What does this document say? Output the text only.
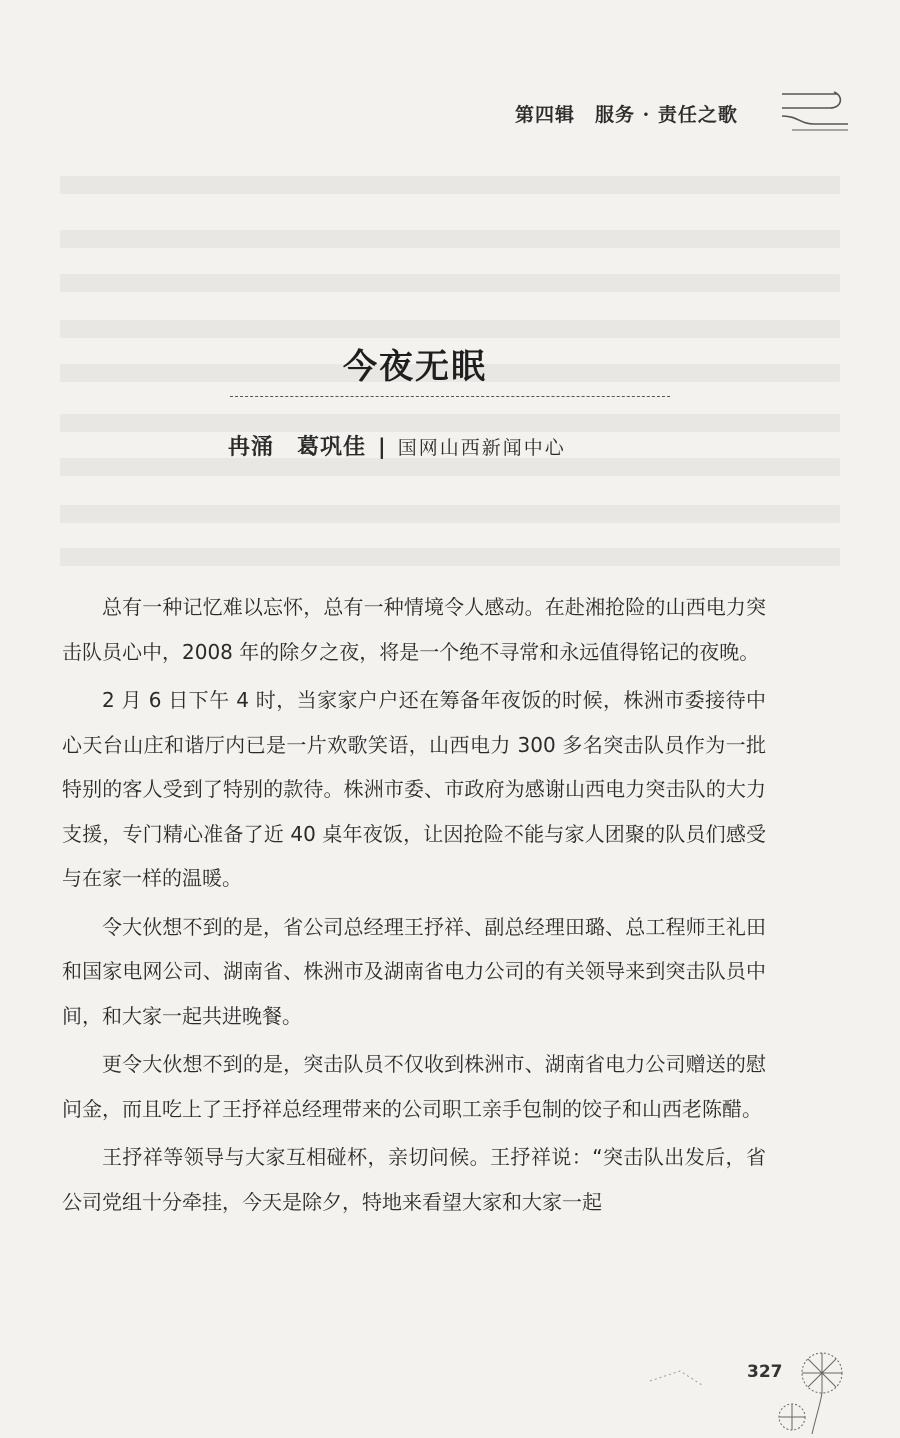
第四辑　服务 · 责任之歌
今夜无眠
冉涌　葛巩佳 | 国网山西新闻中心

总有一种记忆难以忘怀，总有一种情境令人感动。在赴湘抢险的山西电力突击队员心中，2008 年的除夕之夜，将是一个绝不寻常和永远值得铭记的夜晚。

2 月 6 日下午 4 时，当家家户户还在筹备年夜饭的时候，株洲市委接待中心天台山庄和谐厅内已是一片欢歌笑语，山西电力 300 多名突击队员作为一批特别的客人受到了特别的款待。株洲市委、市政府为感谢山西电力突击队的大力支援，专门精心准备了近 40 桌年夜饭，让因抢险不能与家人团聚的队员们感受与在家一样的温暖。

令大伙想不到的是，省公司总经理王抒祥、副总经理田璐、总工程师王礼田和国家电网公司、湖南省、株洲市及湖南省电力公司的有关领导来到突击队员中间，和大家一起共进晚餐。

更令大伙想不到的是，突击队员不仅收到株洲市、湖南省电力公司赠送的慰问金，而且吃上了王抒祥总经理带来的公司职工亲手包制的饺子和山西老陈醋。

王抒祥等领导与大家互相碰杯，亲切问候。王抒祥说：“突击队出发后，省公司党组十分牵挂，今天是除夕，特地来看望大家和大家一起

327
